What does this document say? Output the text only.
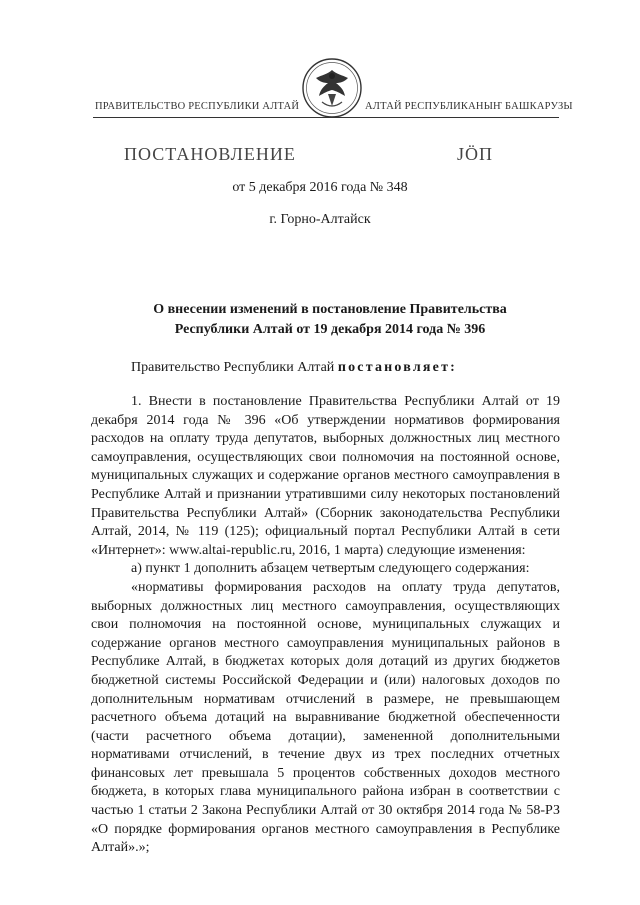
ПРАВИТЕЛЬСТВО РЕСПУБЛИКИ АЛТАЙ	АЛТАЙ РЕСПУБЛИКАНЫҤ БАШКАРУЗЫ
ПОСТАНОВЛЕНИЕ	ЈӦП
от 5 декабря 2016 года № 348
г. Горно-Алтайск
О внесении изменений в постановление Правительства
Республики Алтай от 19 декабря 2014 года № 396
Правительство Республики Алтай постановляет:

1. Внести в постановление Правительства Республики Алтай от 19 декабря 2014 года № 396 «Об утверждении нормативов формирования расходов на оплату труда депутатов, выборных должностных лиц местного самоуправления, осуществляющих свои полномочия на постоянной основе, муниципальных служащих и содержание органов местного самоуправления в Республике Алтай и признании утратившими силу некоторых постановлений Правительства Республики Алтай» (Сборник законодательства Республики Алтай, 2014, № 119 (125); официальный портал Республики Алтай в сети «Интернет»: www.altai-republic.ru, 2016, 1 марта) следующие изменения:

а) пункт 1 дополнить абзацем четвертым следующего содержания:

«нормативы формирования расходов на оплату труда депутатов, выборных должностных лиц местного самоуправления, осуществляющих свои полномочия на постоянной основе, муниципальных служащих и содержание органов местного самоуправления муниципальных районов в Республике Алтай, в бюджетах которых доля дотаций из других бюджетов бюджетной системы Российской Федерации и (или) налоговых доходов по дополнительным нормативам отчислений в размере, не превышающем расчетного объема дотаций на выравнивание бюджетной обеспеченности (части расчетного объема дотации), замененной дополнительными нормативами отчислений, в течение двух из трех последних отчетных финансовых лет превышала 5 процентов собственных доходов местного бюджета, в которых глава муниципального района избран в соответствии с частью 1 статьи 2 Закона Республики Алтай от 30 октября 2014 года № 58-РЗ «О порядке формирования органов местного самоуправления в Республике Алтай».»;
